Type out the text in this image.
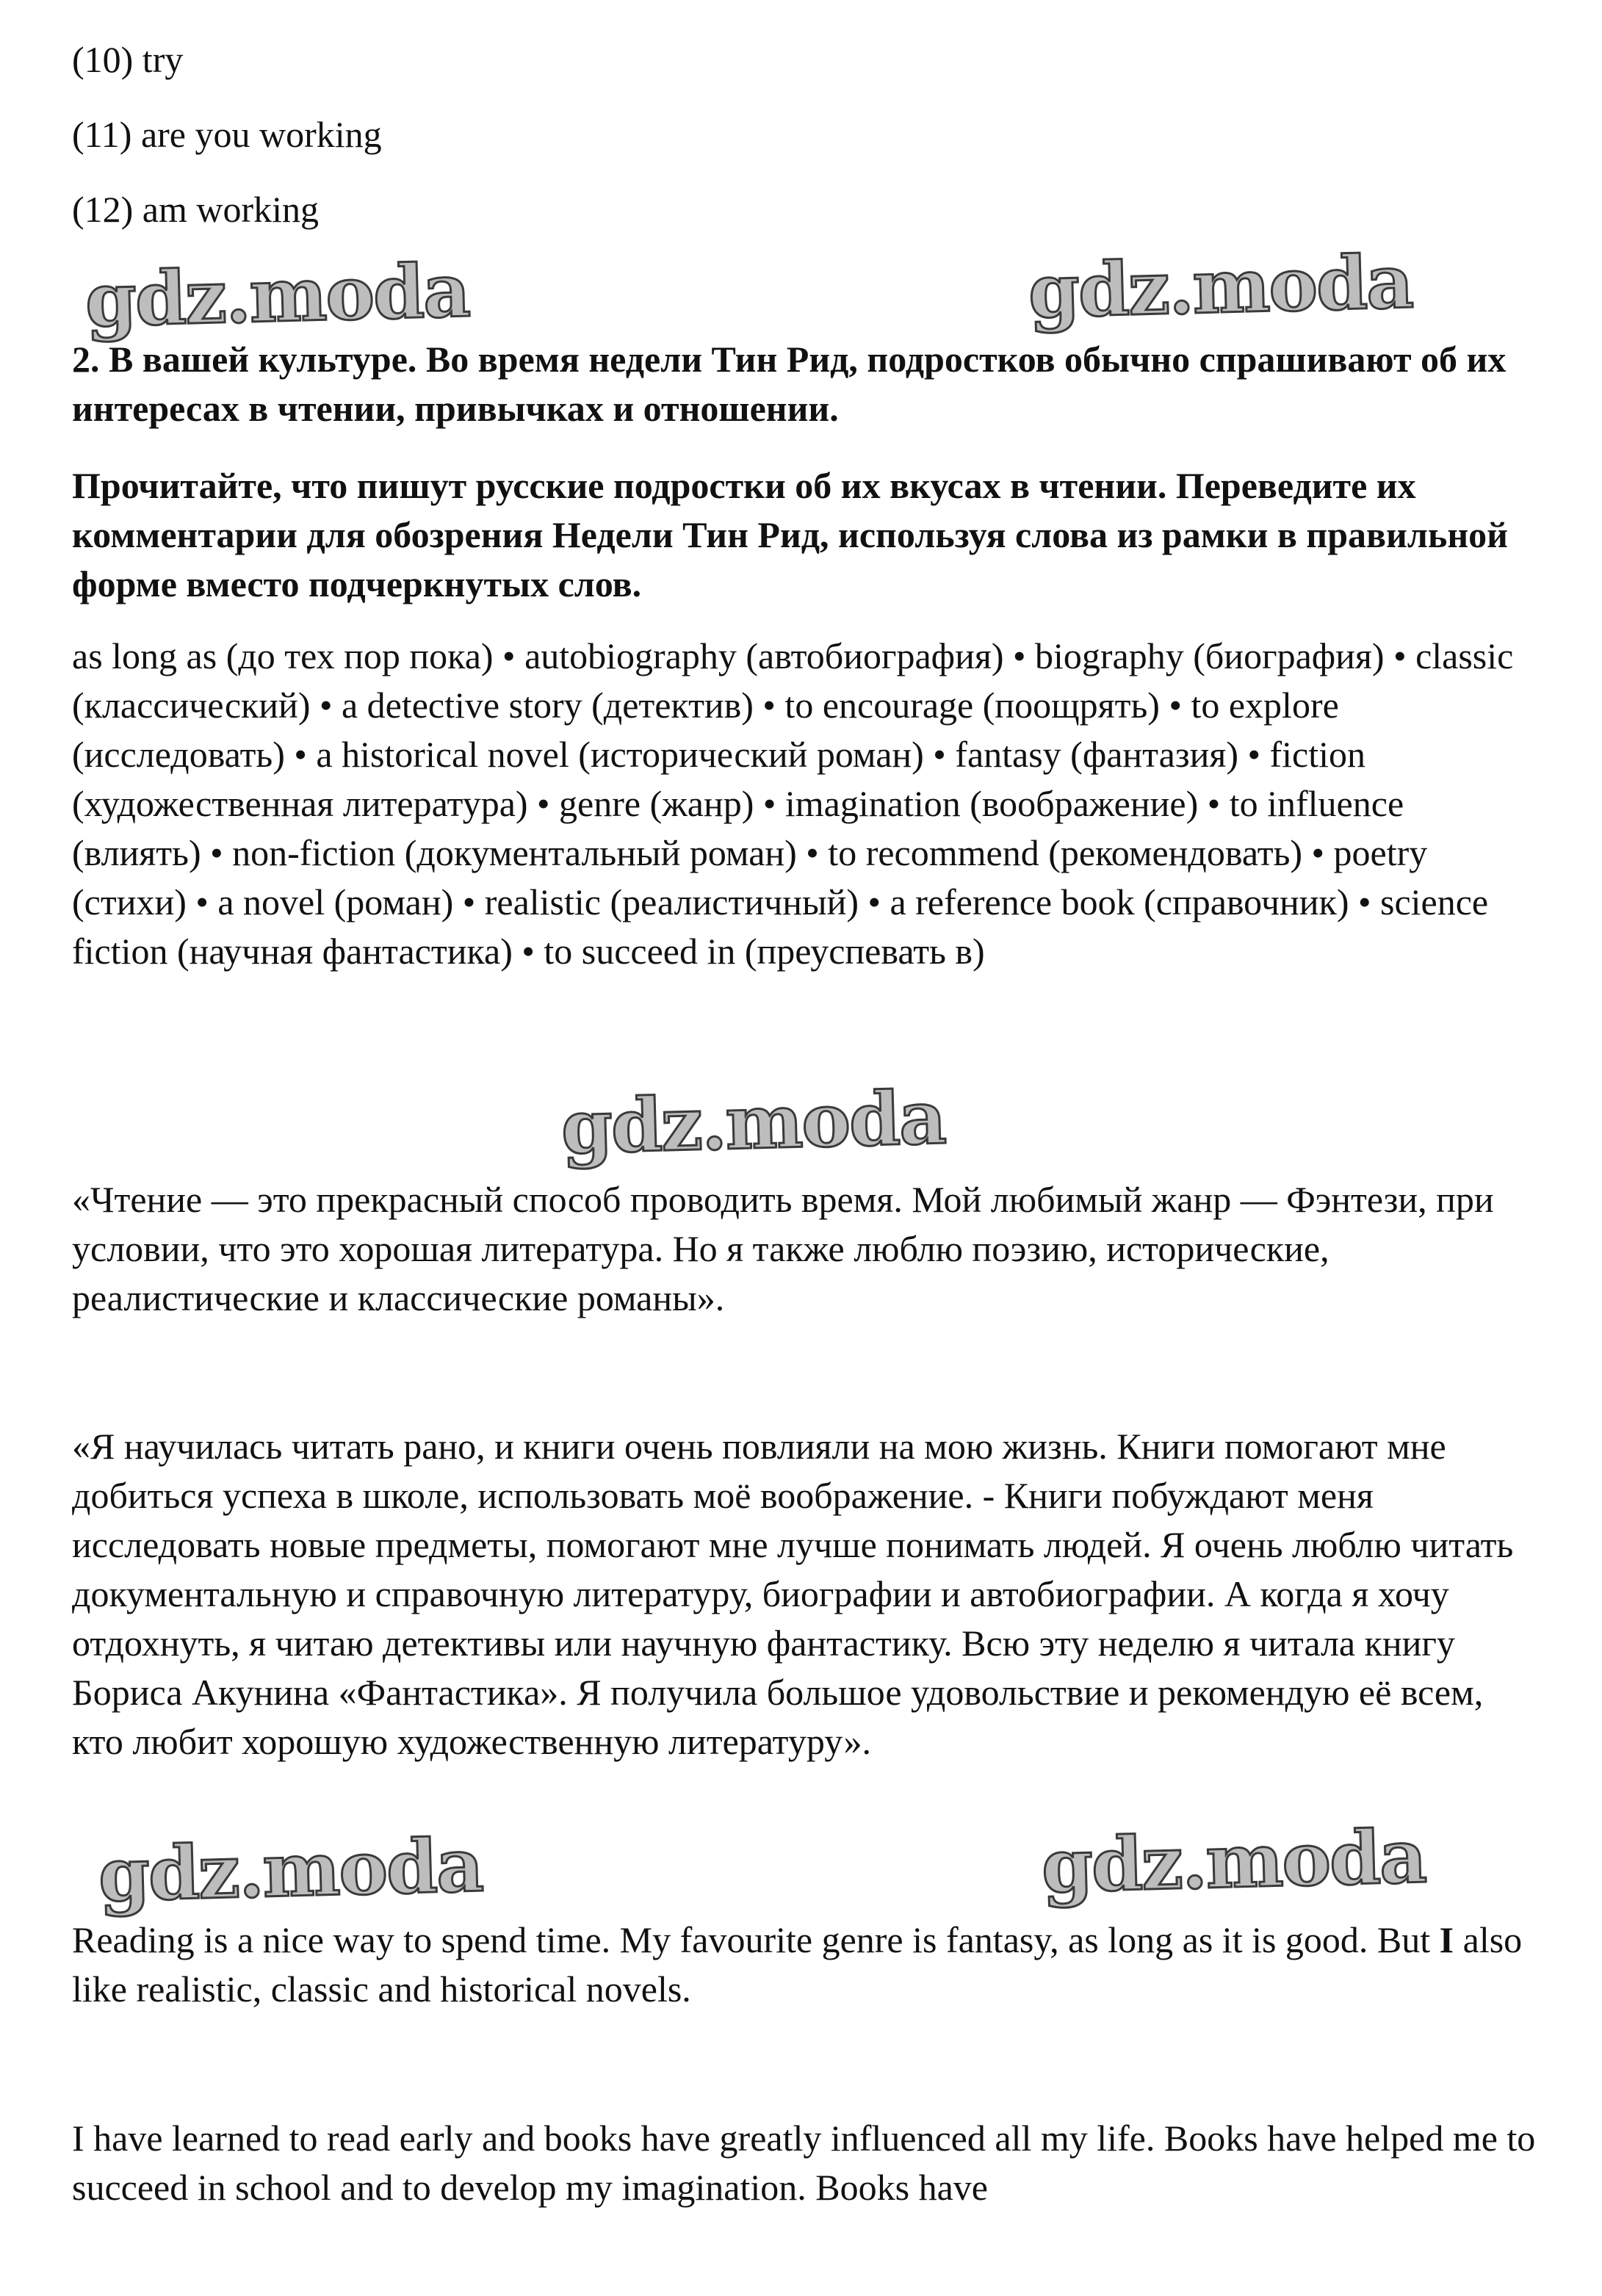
(10) try
(11) are you working
(12) am working
gdz.moda	gdz.moda

2. В вашей культуре. Во время недели Тин Рид, подростков обычно спрашивают об их интересах в чтении, привычках и отношении.

Прочитайте, что пишут русские подростки об их вкусах в чтении. Переведите их комментарии для обозрения Недели Тин Рид, используя слова из рамки в правильной форме вместо подчеркнутых слов.

as long as (до тех пор пока) • autobiography (автобиография) • biography (биография) • classic (классический) • a detective story (детектив) • to encourage (поощрять) • to explore (исследовать) • a historical novel (исторический роман) • fantasy (фантазия) • fiction (художественная литература) • genre (жанр) • imagination (воображение) • to influence (влиять) • non-fiction (документальный роман) • to recommend (рекомендовать) • poetry (стихи) • a novel (роман) • realistic (реалистичный) • a reference book (справочник) • science fiction (научная фантастика) • to succeed in (преуспевать в)

gdz.moda

«Чтение — это прекрасный способ проводить время. Мой любимый жанр — Фэнтези, при условии, что это хорошая литература. Но я также люблю поэзию, исторические, реалистические и классические романы».

«Я научилась читать рано, и книги очень повлияли на мою жизнь. Книги помогают мне добиться успеха в школе, использовать моё воображение. - Книги побуждают меня исследовать новые предметы, помогают мне лучше понимать людей. Я очень люблю читать документальную и справочную литературу, биографии и автобиографии. А когда я хочу отдохнуть, я читаю детективы или научную фантастику. Всю эту неделю я читала книгу Бориса Акунина «Фантастика». Я получила большое удовольствие и рекомендую её всем, кто любит хорошую художественную литературу».

gdz.moda	gdz.moda

Reading is a nice way to spend time. My favourite genre is fantasy, as long as it is good. But I also like realistic, classic and historical novels.

I have learned to read early and books have greatly influenced all my life. Books have helped me to succeed in school and to develop my imagination. Books have
